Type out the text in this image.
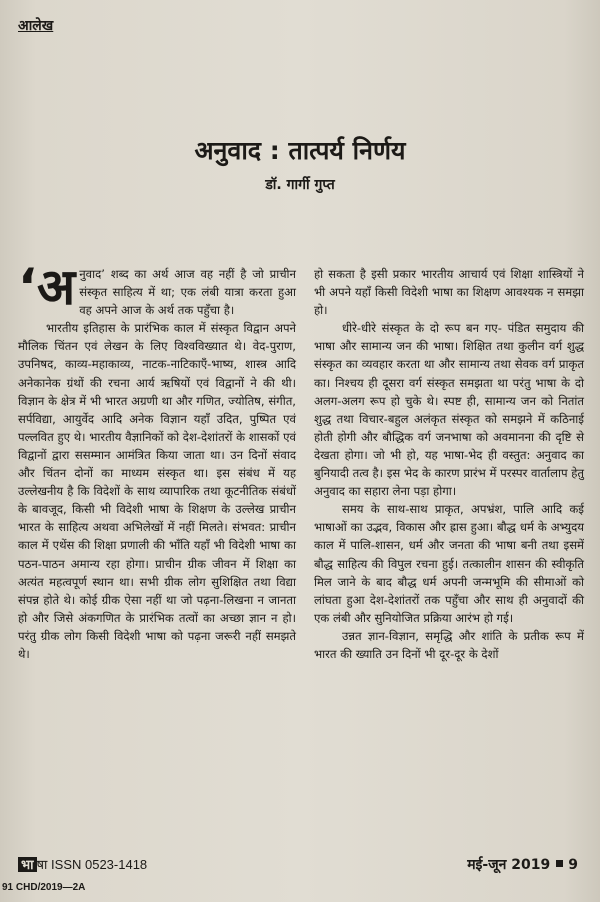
आलेख
अनुवाद : तात्पर्य निर्णय
डॉ. गार्गी गुप्त

‘अनुवाद’ शब्द का अर्थ आज वह नहीं है जो प्राचीन संस्कृत साहित्य में था; एक लंबी यात्रा करता हुआ वह अपने आज के अर्थ तक पहुँचा है।

भारतीय इतिहास के प्रारंभिक काल में संस्कृत विद्वान अपने मौलिक चिंतन एवं लेखन के लिए विश्वविख्यात थे। वेद-पुराण, उपनिषद, काव्य-महाकाव्य, नाटक-नाटिकाएँ-भाष्य, शास्त्र आदि अनेकानेक ग्रंथों की रचना आर्य ऋषियों एवं विद्वानों ने की थी। विज्ञान के क्षेत्र में भी भारत अग्रणी था और गणित, ज्योतिष, संगीत, सर्पविद्या, आयुर्वेद आदि अनेक विज्ञान यहाँ उदित, पुष्पित एवं पल्लवित हुए थे। भारतीय वैज्ञानिकों को देश-देशांतरों के शासकों एवं विद्वानों द्वारा ससम्मान आमंत्रित किया जाता था। उन दिनों संवाद और चिंतन दोनों का माध्यम संस्कृत था। इस संबंध में यह उल्लेखनीय है कि विदेशों के साथ व्यापारिक तथा कूटनीतिक संबंधों के बावजूद, किसी भी विदेशी भाषा के शिक्षण के उल्लेख प्राचीन भारत के साहित्य अथवा अभिलेखों में नहीं मिलते। संभवत: प्राचीन काल में एथेंस की शिक्षा प्रणाली की भाँति यहाँ भी विदेशी भाषा का पठन-पाठन अमान्य रहा होगा। प्राचीन ग्रीक जीवन में शिक्षा का अत्यंत महत्वपूर्ण स्थान था। सभी ग्रीक लोग सुशिक्षित तथा विद्या संपन्न होते थे। कोई ग्रीक ऐसा नहीं था जो पढ़ना-लिखना न जानता हो और जिसे अंकगणित के प्रारंभिक तत्वों का अच्छा ज्ञान न हो। परंतु ग्रीक लोग किसी विदेशी भाषा को पढ़ना जरूरी नहीं समझते थे।

हो सकता है इसी प्रकार भारतीय आचार्य एवं शिक्षा शास्त्रियों ने भी अपने यहाँ किसी विदेशी भाषा का शिक्षण आवश्यक न समझा हो।

धीरे-धीरे संस्कृत के दो रूप बन गए- पंडित समुदाय की भाषा और सामान्य जन की भाषा। शिक्षित तथा कुलीन वर्ग शुद्ध संस्कृत का व्यवहार करता था और सामान्य तथा सेवक वर्ग प्राकृत का। निश्चय ही दूसरा वर्ग संस्कृत समझता था परंतु भाषा के दो अलग-अलग रूप हो चुके थे। स्पष्ट ही, सामान्य जन को नितांत शुद्ध तथा विचार-बहुल अलंकृत संस्कृत को समझने में कठिनाई होती होगी और बौद्धिक वर्ग जनभाषा को अवमानना की दृष्टि से देखता होगा। जो भी हो, यह भाषा-भेद ही वस्तुत: अनुवाद का बुनियादी तत्व है। इस भेद के कारण प्रारंभ में परस्पर वार्तालाप हेतु अनुवाद का सहारा लेना पड़ा होगा।

समय के साथ-साथ प्राकृत, अपभ्रंश, पालि आदि कई भाषाओं का उद्भव, विकास और ह्रास हुआ। बौद्ध धर्म के अभ्युदय काल में पालि-शासन, धर्म और जनता की भाषा बनी तथा इसमें बौद्ध साहित्य की विपुल रचना हुई। तत्कालीन शासन की स्वीकृति मिल जाने के बाद बौद्ध धर्म अपनी जन्मभूमि की सीमाओं को लांघता हुआ देश-देशांतरों तक पहुँचा और साथ ही अनुवादों की एक लंबी और सुनियोजित प्रक्रिया आरंभ हो गई।

उन्नत ज्ञान-विज्ञान, समृद्धि और शांति के प्रतीक रूप में भारत की ख्याति उन दिनों भी दूर-दूर के देशों

भा षा ISSN 0523-1418	मई-जून 2019 9
91 CHD/2019—2A
